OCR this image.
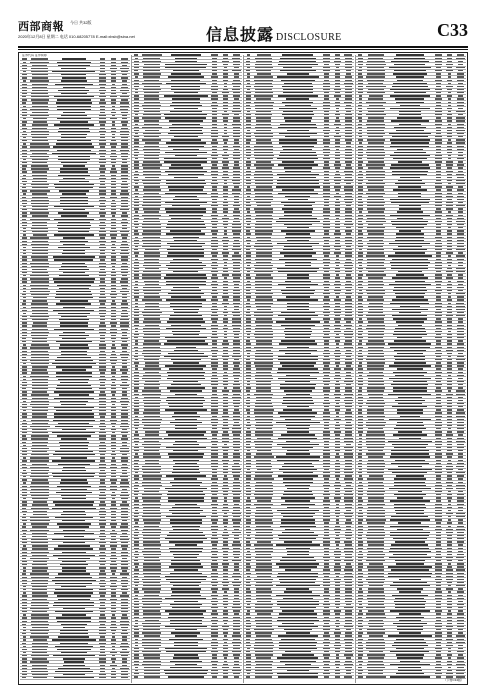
西部商報 今日 共32版
2020年12月8日 星期二 电话 010-68205778 E-mail:xbsb@sina.net	信息披露 DISCLOSURE	C33
证券代码 证券简称
（下转C34版）
